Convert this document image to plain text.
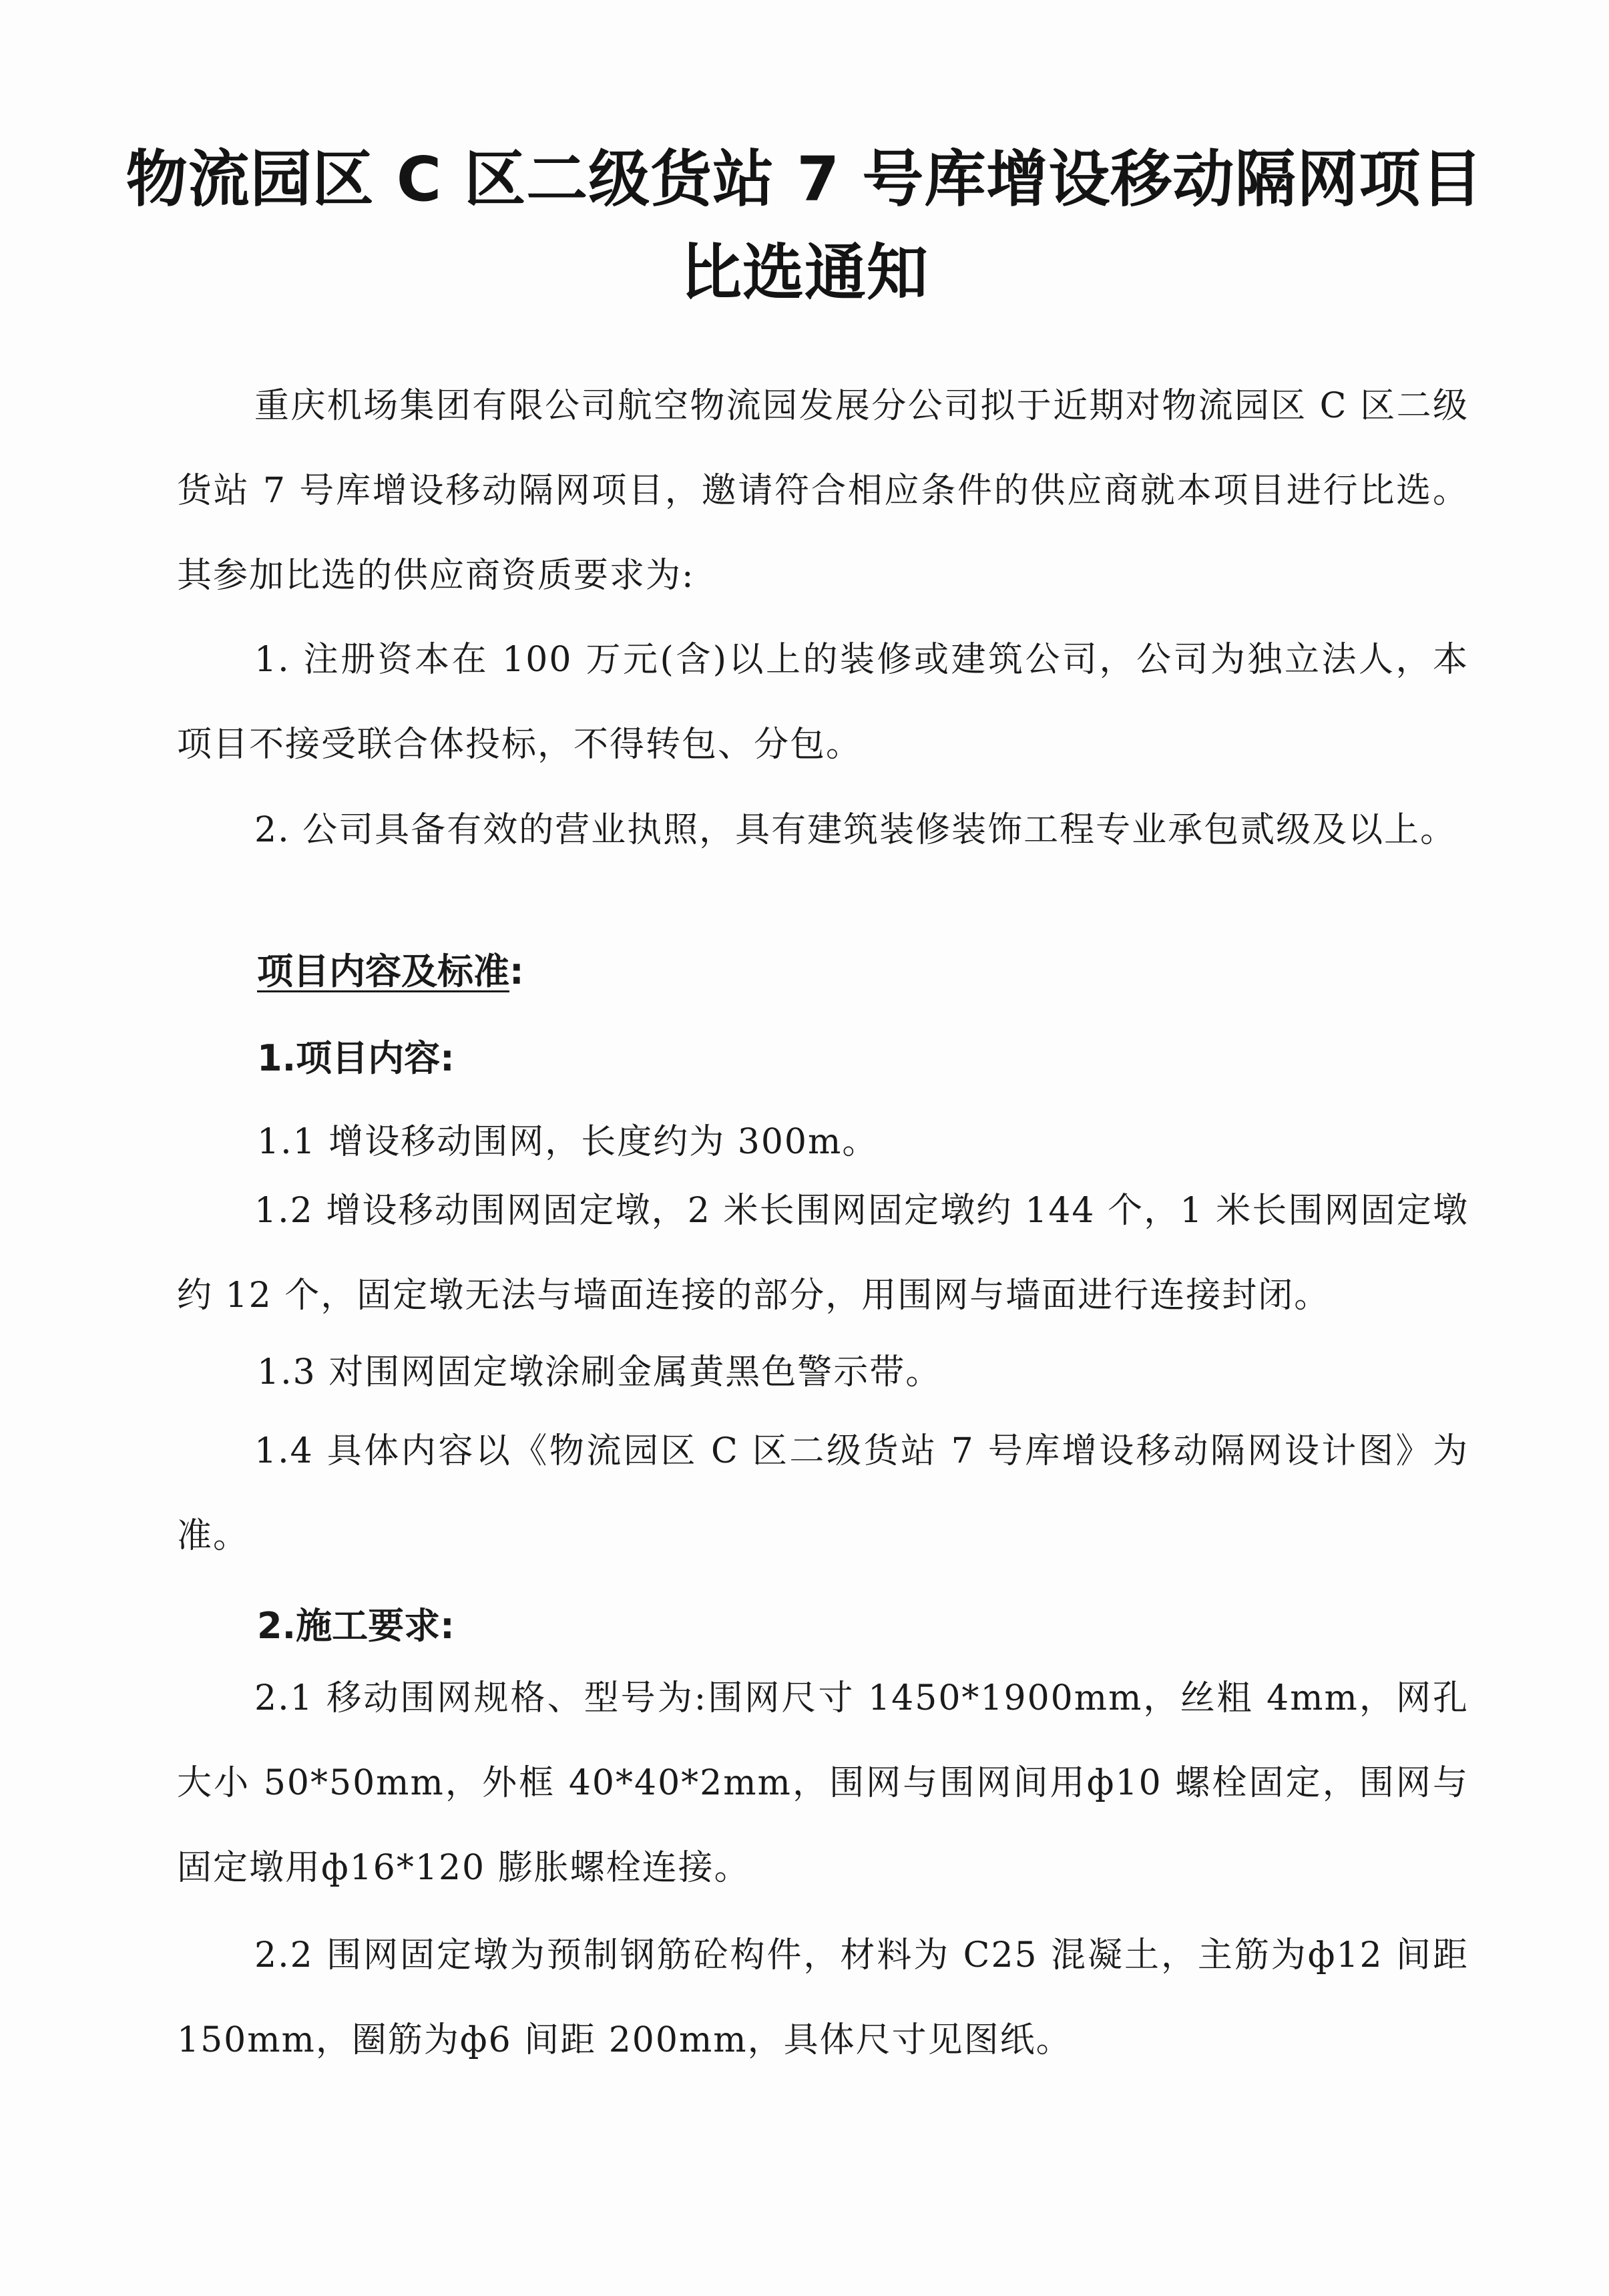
物流园区 C 区二级货站 7 号库增设移动隔网项目
比选通知

重庆机场集团有限公司航空物流园发展分公司拟于近期对物流园区 C 区二级货站 7 号库增设移动隔网项目，邀请符合相应条件的供应商就本项目进行比选。其参加比选的供应商资质要求为:

1. 注册资本在 100 万元(含)以上的装修或建筑公司，公司为独立法人，本项目不接受联合体投标，不得转包、分包。

2. 公司具备有效的营业执照，具有建筑装修装饰工程专业承包贰级及以上。

项目内容及标准:

1.项目内容:

1.1 增设移动围网，长度约为 300m。

1.2 增设移动围网固定墩，2 米长围网固定墩约 144 个，1 米长围网固定墩约 12 个，固定墩无法与墙面连接的部分，用围网与墙面进行连接封闭。

1.3 对围网固定墩涂刷金属黄黑色警示带。

1.4 具体内容以《物流园区 C 区二级货站 7 号库增设移动隔网设计图》为准。

2.施工要求:

2.1 移动围网规格、型号为:围网尺寸 1450*1900mm，丝粗 4mm，网孔大小 50*50mm，外框 40*40*2mm，围网与围网间用ф10 螺栓固定，围网与固定墩用ф16*120 膨胀螺栓连接。

2.2 围网固定墩为预制钢筋砼构件，材料为 C25 混凝土，主筋为ф12 间距 150mm，圈筋为ф6 间距 200mm，具体尺寸见图纸。
